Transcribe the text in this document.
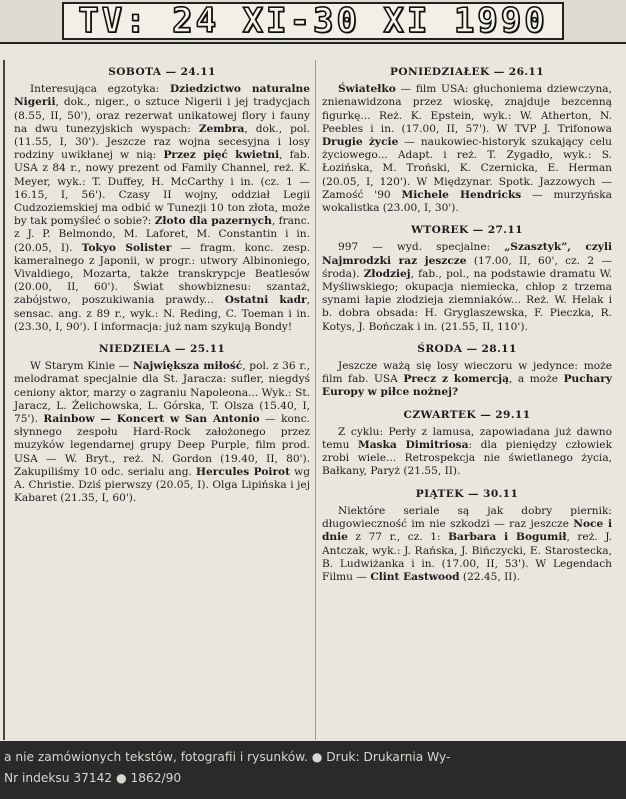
TV: 24 XI-30 XI 1990
SOBOTA — 24.11

Interesująca egzotyka: Dziedzictwo naturalne Nigerii, dok., niger., o sztuce Nigerii i jej tradycjach (8.55, II, 50'), oraz rezerwat unikatowej flory i fauny na dwu tunezyjskich wyspach: Zembra, dok., pol. (11.55, I, 30'). Jeszcze raz wojna secesyjna i losy rodziny uwikłanej w nią: Przez pięć kwietni, fab. USA z 84 r., nowy prezent od Family Channel, reż. K. Meyer, wyk.: T. Duffey, H. McCarthy i in. (cz. 1 — 16.15, I, 56'). Czasy II wojny, oddział Legii Cudzoziemskiej ma odbić w Tunezji 10 ton złota, może by tak pomyśleć o sobie?: Złoto dla pazernych, franc. z J. P. Belmondo, M. Laforet, M. Constantin i in. (20.05, I). Tokyo Solister — fragm. konc. zesp. kameralnego z Japonii, w progr.: utwory Albinoniego, Vivaldiego, Mozarta, także transkrypcje Beatlesów (20.00, II, 60'). Świat showbiznesu: szantaż, zabójstwo, poszukiwania prawdy... Ostatni kadr, sensac. ang. z 89 r., wyk.: N. Reding, C. Toeman i in. (23.30, I, 90'). I informacja: już nam szykują Bondy!

NIEDZIELA — 25.11

W Starym Kinie — Największa miłość, pol. z 36 r., melodramat specjalnie dla St. Jaracza: sufler, niegdyś ceniony aktor, marzy o zagraniu Napoleona... Wyk.: St. Jaracz, L. Żelichowska, L. Górska, T. Olsza (15.40, I, 75'). Rainbow — Koncert w San Antonio — konc. słynnego zespołu Hard-Rock założonego przez muzyków legendarnej grupy Deep Purple, film prod. USA — W. Bryt., reż. N. Gordon (19.40, II, 80'). Zakupiliśmy 10 odc. serialu ang. Hercules Poirot wg A. Christie. Dziś pierwszy (20.05, I). Olga Lipińska i jej Kabaret (21.35, I, 60').

PONIEDZIAŁEK — 26.11

Światełko — film USA: głuchoniema dziewczyna, znienawidzona przez wioskę, znajduje bezcenną figurkę... Reż. K. Epstein, wyk.: W. Atherton, N. Peebles i in. (17.00, II, 57'). W TVP J. Trifonowa Drugie życie — naukowiec-historyk szukający celu życiowego... Adapt. i reż. T. Zygadło, wyk.: S. Łozińska, M. Troński, K. Czernicka, E. Herman (20.05, I, 120'). W Międzynar. Spotk. Jazzowych — Zamość '90 Michele Hendricks — murzyńska wokalistka (23.00, I, 30').

WTOREK — 27.11

997 — wyd. specjalne: „Szasztyk”, czyli Najmrodzki raz jeszcze (17.00, II, 60', cz. 2 — środa). Złodziej, fab., pol., na podstawie dramatu W. Myśliwskiego; okupacja niemiecka, chłop z trzema synami łapie złodzieja ziemniaków... Reż. W. Helak i b. dobra obsada: H. Gryglaszewska, F. Pieczka, R. Kotys, J. Bończak i in. (21.55, II, 110').

ŚRODA — 28.11

Jeszcze ważą się losy wieczoru w jedynce: może film fab. USA Precz z komercją, a może Puchary Europy w piłce nożnej?

CZWARTEK — 29.11

Z cyklu: Perły z lamusa, zapowiadana już dawno temu Maska Dimitriosa: dla pieniędzy człowiek zrobi wiele... Retrospekcja nie świetlanego życia, Bałkany, Paryż (21.55, II).

PIĄTEK — 30.11

Niektóre seriale są jak dobry piernik: długowieczność im nie szkodzi — raz jeszcze Noce i dnie z 77 r., cz. 1: Barbara i Bogumił, reż. J. Antczak, wyk.: J. Rańska, J. Bińczycki, E. Starostecka, B. Ludwiżanka i in. (17.00, II, 53'). W Legendach Filmu — Clint Eastwood (22.45, II).

a nie zamówionych tekstów, fotografii i rysunków. ● Druk: Drukarnia Wy-
Nr indeksu 37142 ● 1862/90
